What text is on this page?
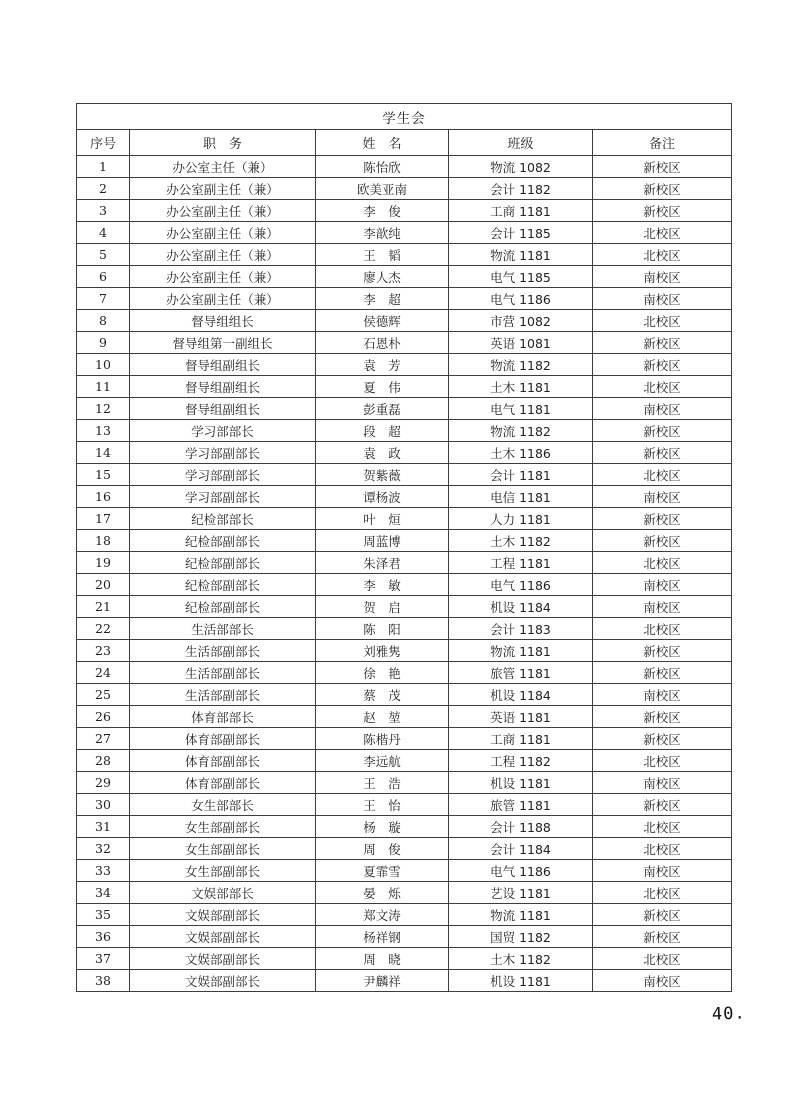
学生会				
序号	职　务	姓　名	班级	备注
1	办公室主任（兼）	陈怡欣	物流 1082	新校区
2	办公室副主任（兼）	欧美亚南	会计 1182	新校区
3	办公室副主任（兼）	李　俊	工商 1181	新校区
4	办公室副主任（兼）	李歆纯	会计 1185	北校区
5	办公室副主任（兼）	王　韬	物流 1181	北校区
6	办公室副主任（兼）	廖人杰	电气 1185	南校区
7	办公室副主任（兼）	李　超	电气 1186	南校区
8	督导组组长	侯德辉	市营 1082	北校区
9	督导组第一副组长	石恩朴	英语 1081	新校区
10	督导组副组长	袁　芳	物流 1182	新校区
11	督导组副组长	夏　伟	土木 1181	北校区
12	督导组副组长	彭重磊	电气 1181	南校区
13	学习部部长	段　超	物流 1182	新校区
14	学习部副部长	袁　政	土木 1186	新校区
15	学习部副部长	贺紫薇	会计 1181	北校区
16	学习部副部长	谭杨波	电信 1181	南校区
17	纪检部部长	叶　烜	人力 1181	新校区
18	纪检部副部长	周蓝博	土木 1182	新校区
19	纪检部副部长	朱泽君	工程 1181	北校区
20	纪检部副部长	李　敏	电气 1186	南校区
21	纪检部副部长	贺　启	机设 1184	南校区
22	生活部部长	陈　阳	会计 1183	北校区
23	生活部副部长	刘雅隽	物流 1181	新校区
24	生活部副部长	徐　艳	旅管 1181	新校区
25	生活部副部长	蔡　茂	机设 1184	南校区
26	体育部部长	赵　堃	英语 1181	新校区
27	体育部副部长	陈楷丹	工商 1181	新校区
28	体育部副部长	李远航	工程 1182	北校区
29	体育部副部长	王　浩	机设 1181	南校区
30	女生部部长	王　怡	旅管 1181	新校区
31	女生部副部长	杨　璇	会计 1188	北校区
32	女生部副部长	周　俊	会计 1184	北校区
33	女生部副部长	夏霏雪	电气 1186	南校区
34	文娱部部长	晏　烁	艺设 1181	北校区
35	文娱部副部长	郑文涛	物流 1181	新校区
36	文娱部副部长	杨祥钢	国贸 1182	新校区
37	文娱部副部长	周　晓	土木 1182	北校区
38	文娱部副部长	尹麟祥	机设 1181	南校区
40.
